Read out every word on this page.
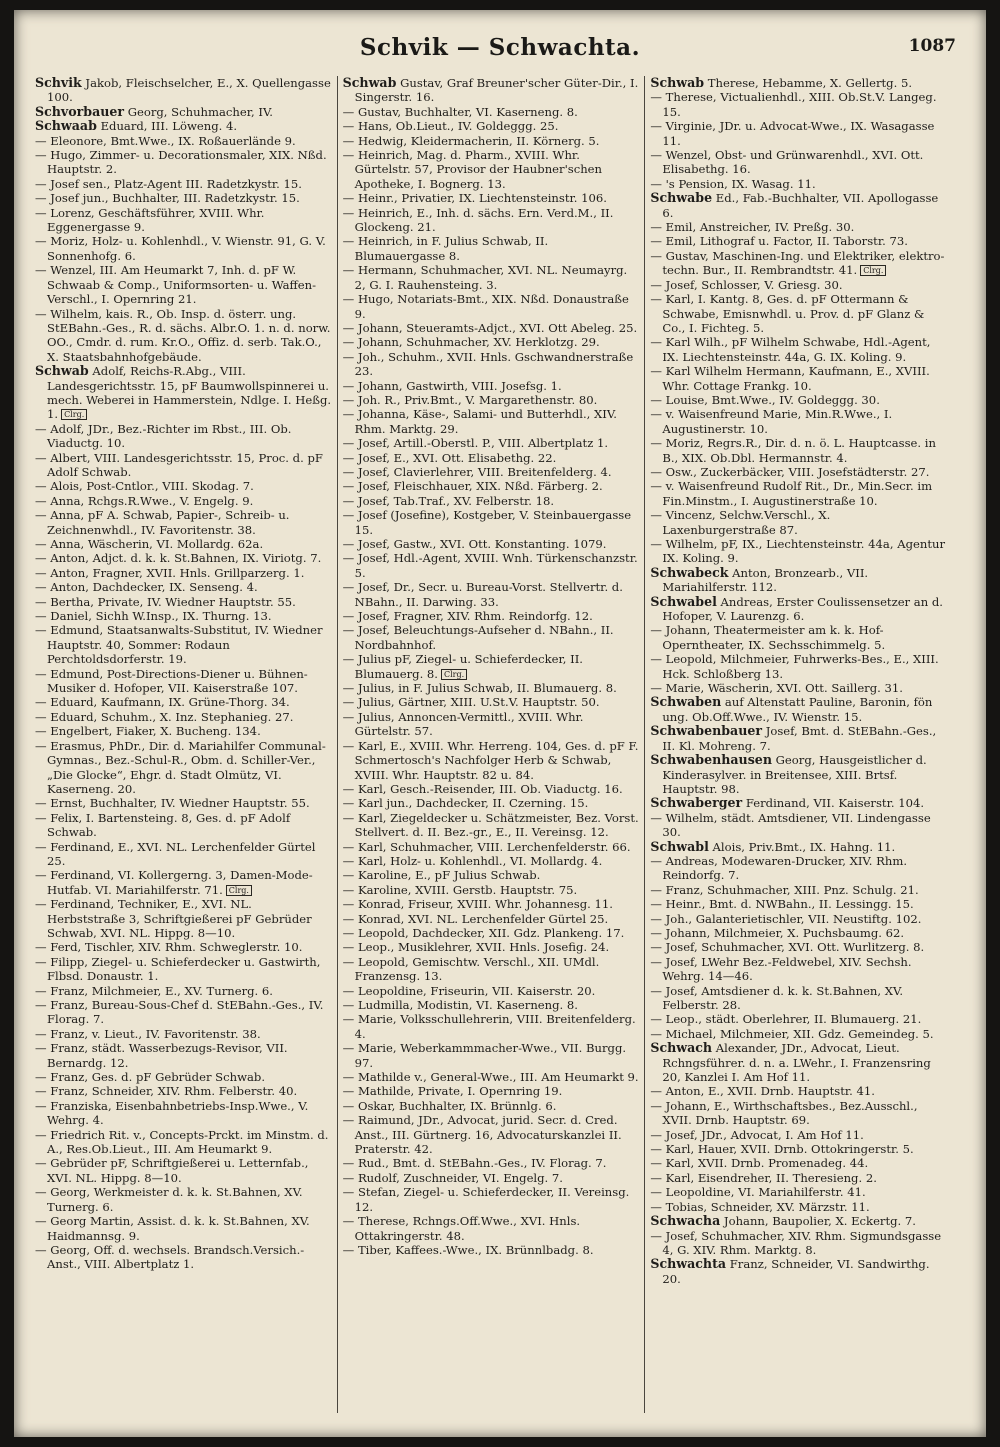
Schvik — Schwachta.	1087

Schvik Jakob, Fleischselcher, E., X. Quellengasse 100.

Schvorbauer Georg, Schuhmacher, IV.

Schwaab Eduard, III. Löweng. 4.

— Eleonore, Bmt.Wwe., IX. Roßauerlände 9.

— Hugo, Zimmer- u. Decorationsmaler, XIX. Nßd. Hauptstr. 2.

— Josef sen., Platz-Agent III. Radetzkystr. 15.

— Josef jun., Buchhalter, III. Radetzkystr. 15.

— Lorenz, Geschäftsführer, XVIII. Whr. Eggenergasse 9.

— Moriz, Holz- u. Kohlenhdl., V. Wienstr. 91, G. V. Sonnenhofg. 6.

— Wenzel, III. Am Heumarkt 7, Inh. d. pF W. Schwaab & Comp., Uniformsorten- u. Waffen-Verschl., I. Opernring 21.

— Wilhelm, kais. R., Ob. Insp. d. österr. ung. StEBahn.-Ges., R. d. sächs. Albr.O. 1. n. d. norw. OO., Cmdr. d. rum. Kr.O., Offiz. d. serb. Tak.O., X. Staatsbahnhofgebäude.

Schwab Adolf, Reichs-R.Abg., VIII. Landesgerichtsstr. 15, pF Baumwollspinnerei u. mech. Weberei in Hammerstein, Ndlge. I. Heßg. 1. Clrg.

— Adolf, JDr., Bez.-Richter im Rbst., III. Ob. Viaductg. 10.

— Albert, VIII. Landesgerichtsstr. 15, Proc. d. pF Adolf Schwab.

— Alois, Post-Cntlor., VIII. Skodag. 7.

— Anna, Rchgs.R.Wwe., V. Engelg. 9.

— Anna, pF A. Schwab, Papier-, Schreib- u. Zeichnenwhdl., IV. Favoritenstr. 38.

— Anna, Wäscherin, VI. Mollardg. 62a.

— Anton, Adjct. d. k. k. St.Bahnen, IX. Viriotg. 7.

— Anton, Fragner, XVII. Hnls. Grillparzerg. 1.

— Anton, Dachdecker, IX. Senseng. 4.

— Bertha, Private, IV. Wiedner Hauptstr. 55.

— Daniel, Sichh W.Insp., IX. Thurng. 13.

— Edmund, Staatsanwalts-Substitut, IV. Wiedner Hauptstr. 40, Sommer: Rodaun Perchtoldsdorferstr. 19.

— Edmund, Post-Directions-Diener u. Bühnen-Musiker d. Hofoper, VII. Kaiserstraße 107.

— Eduard, Kaufmann, IX. Grüne-Thorg. 34.

— Eduard, Schuhm., X. Inz. Stephanieg. 27.

— Engelbert, Fiaker, X. Bucheng. 134.

— Erasmus, PhDr., Dir. d. Mariahilfer Communal-Gymnas., Bez.-Schul-R., Obm. d. Schiller-Ver., „Die Glocke“, Ehgr. d. Stadt Olmütz, VI. Kaserneng. 20.

— Ernst, Buchhalter, IV. Wiedner Hauptstr. 55.

— Felix, I. Bartensteing. 8, Ges. d. pF Adolf Schwab.

— Ferdinand, E., XVI. NL. Lerchenfelder Gürtel 25.

— Ferdinand, VI. Kollergerng. 3, Damen-Mode-Hutfab. VI. Mariahilferstr. 71. Clrg.

— Ferdinand, Techniker, E., XVI. NL. Herbststraße 3, Schriftgießerei pF Gebrüder Schwab, XVI. NL. Hippg. 8—10.

— Ferd, Tischler, XIV. Rhm. Schweglerstr. 10.

— Filipp, Ziegel- u. Schieferdecker u. Gastwirth, Flbsd. Donaustr. 1.

— Franz, Milchmeier, E., XV. Turnerg. 6.

— Franz, Bureau-Sous-Chef d. StEBahn.-Ges., IV. Florag. 7.

— Franz, v. Lieut., IV. Favoritenstr. 38.

— Franz, städt. Wasserbezugs-Revisor, VII. Bernardg. 12.

— Franz, Ges. d. pF Gebrüder Schwab.

— Franz, Schneider, XIV. Rhm. Felberstr. 40.

— Franziska, Eisenbahnbetriebs-Insp.Wwe., V. Wehrg. 4.

— Friedrich Rit. v., Concepts-Prckt. im Minstm. d. A., Res.Ob.Lieut., III. Am Heumarkt 9.

— Gebrüder pF, Schriftgießerei u. Letternfab., XVI. NL. Hippg. 8—10.

— Georg, Werkmeister d. k. k. St.Bahnen, XV. Turnerg. 6.

— Georg Martin, Assist. d. k. k. St.Bahnen, XV. Haidmannsg. 9.

— Georg, Off. d. wechsels. Brandsch.Versich.-Anst., VIII. Albertplatz 1.

Schwab Gustav, Graf Breuner'scher Güter-Dir., I. Singerstr. 16.

— Gustav, Buchhalter, VI. Kaserneng. 8.

— Hans, Ob.Lieut., IV. Goldeggg. 25.

— Hedwig, Kleidermacherin, II. Körnerg. 5.

— Heinrich, Mag. d. Pharm., XVIII. Whr. Gürtelstr. 57, Provisor der Haubner'schen Apotheke, I. Bognerg. 13.

— Heinr., Privatier, IX. Liechtensteinstr. 106.

— Heinrich, E., Inh. d. sächs. Ern. Verd.M., II. Glockeng. 21.

— Heinrich, in F. Julius Schwab, II. Blumauergasse 8.

— Hermann, Schuhmacher, XVI. NL. Neumayrg. 2, G. I. Rauhensteing. 3.

— Hugo, Notariats-Bmt., XIX. Nßd. Donaustraße 9.

— Johann, Steueramts-Adjct., XVI. Ott Abeleg. 25.

— Johann, Schuhmacher, XV. Herklotzg. 29.

— Joh., Schuhm., XVII. Hnls. Gschwandnerstraße 23.

— Johann, Gastwirth, VIII. Josefsg. 1.

— Joh. R., Priv.Bmt., V. Margarethenstr. 80.

— Johanna, Käse-, Salami- und Butterhdl., XIV. Rhm. Marktg. 29.

— Josef, Artill.-Oberstl. P., VIII. Albertplatz 1.

— Josef, E., XVI. Ott. Elisabethg. 22.

— Josef, Clavierlehrer, VIII. Breitenfelderg. 4.

— Josef, Fleischhauer, XIX. Nßd. Färberg. 2.

— Josef, Tab.Traf., XV. Felberstr. 18.

— Josef (Josefine), Kostgeber, V. Steinbauergasse 15.

— Josef, Gastw., XVI. Ott. Konstanting. 1079.

— Josef, Hdl.-Agent, XVIII. Wnh. Türkenschanzstr. 5.

— Josef, Dr., Secr. u. Bureau-Vorst. Stellvertr. d. NBahn., II. Darwing. 33.

— Josef, Fragner, XIV. Rhm. Reindorfg. 12.

— Josef, Beleuchtungs-Aufseher d. NBahn., II. Nordbahnhof.

— Julius pF, Ziegel- u. Schieferdecker, II. Blumauerg. 8. Clrg.

— Julius, in F. Julius Schwab, II. Blumauerg. 8.

— Julius, Gärtner, XIII. U.St.V. Hauptstr. 50.

— Julius, Annoncen-Vermittl., XVIII. Whr. Gürtelstr. 57.

— Karl, E., XVIII. Whr. Herreng. 104, Ges. d. pF F. Schmertosch's Nachfolger Herb & Schwab, XVIII. Whr. Hauptstr. 82 u. 84.

— Karl, Gesch.-Reisender, III. Ob. Viaductg. 16.

— Karl jun., Dachdecker, II. Czerning. 15.

— Karl, Ziegeldecker u. Schätzmeister, Bez. Vorst. Stellvert. d. II. Bez.-gr., E., II. Vereinsg. 12.

— Karl, Schuhmacher, VIII. Lerchenfelderstr. 66.

— Karl, Holz- u. Kohlenhdl., VI. Mollardg. 4.

— Karoline, E., pF Julius Schwab.

— Karoline, XVIII. Gerstb. Hauptstr. 75.

— Konrad, Friseur, XVIII. Whr. Johannesg. 11.

— Konrad, XVI. NL. Lerchenfelder Gürtel 25.

— Leopold, Dachdecker, XII. Gdz. Plankeng. 17.

— Leop., Musiklehrer, XVII. Hnls. Josefig. 24.

— Leopold, Gemischtw. Verschl., XII. UMdl. Franzensg. 13.

— Leopoldine, Friseurin, VII. Kaiserstr. 20.

— Ludmilla, Modistin, VI. Kaserneng. 8.

— Marie, Volksschullehrerin, VIII. Breitenfelderg. 4.

— Marie, Weberkammmacher-Wwe., VII. Burgg. 97.

— Mathilde v., General-Wwe., III. Am Heumarkt 9.

— Mathilde, Private, I. Opernring 19.

— Oskar, Buchhalter, IX. Brünnlg. 6.

— Raimund, JDr., Advocat, jurid. Secr. d. Cred. Anst., III. Gürtnerg. 16, Advocaturskanzlei II. Praterstr. 42.

— Rud., Bmt. d. StEBahn.-Ges., IV. Florag. 7.

— Rudolf, Zuschneider, VI. Engelg. 7.

— Stefan, Ziegel- u. Schieferdecker, II. Vereinsg. 12.

— Therese, Rchngs.Off.Wwe., XVI. Hnls. Ottakringerstr. 48.

— Tiber, Kaffees.-Wwe., IX. Brünnlbadg. 8.

Schwab Therese, Hebamme, X. Gellertg. 5.

— Therese, Victualienhdl., XIII. Ob.St.V. Langeg. 15.

— Virginie, JDr. u. Advocat-Wwe., IX. Wasagasse 11.

— Wenzel, Obst- und Grünwarenhdl., XVI. Ott. Elisabethg. 16.

— 's Pension, IX. Wasag. 11.

Schwabe Ed., Fab.-Buchhalter, VII. Apollogasse 6.

— Emil, Anstreicher, IV. Preßg. 30.

— Emil, Lithograf u. Factor, II. Taborstr. 73.

— Gustav, Maschinen-Ing. und Elektriker, elektro-techn. Bur., II. Rembrandtstr. 41. Clrg.

— Josef, Schlosser, V. Griesg. 30.

— Karl, I. Kantg. 8, Ges. d. pF Ottermann & Schwabe, Emisnwhdl. u. Prov. d. pF Glanz & Co., I. Fichteg. 5.

— Karl Wilh., pF Wilhelm Schwabe, Hdl.-Agent, IX. Liechtensteinstr. 44a, G. IX. Koling. 9.

— Karl Wilhelm Hermann, Kaufmann, E., XVIII. Whr. Cottage Frankg. 10.

— Louise, Bmt.Wwe., IV. Goldeggg. 30.

— v. Waisenfreund Marie, Min.R.Wwe., I. Augustinerstr. 10.

— Moriz, Regrs.R., Dir. d. n. ö. L. Hauptcasse. in B., XIX. Ob.Dbl. Hermannstr. 4.

— Osw., Zuckerbäcker, VIII. Josefstädterstr. 27.

— v. Waisenfreund Rudolf Rit., Dr., Min.Secr. im Fin.Minstm., I. Augustinerstraße 10.

— Vincenz, Selchw.Verschl., X. Laxenburgerstraße 87.

— Wilhelm, pF, IX., Liechtensteinstr. 44a, Agentur IX. Koling. 9.

Schwabeck Anton, Bronzearb., VII. Mariahilferstr. 112.

Schwabel Andreas, Erster Coulissensetzer an d. Hofoper, V. Laurenzg. 6.

— Johann, Theatermeister am k. k. Hof-Operntheater, IX. Sechsschimmelg. 5.

— Leopold, Milchmeier, Fuhrwerks-Bes., E., XIII. Hck. Schloßberg 13.

— Marie, Wäscherin, XVI. Ott. Saillerg. 31.

Schwaben auf Altenstatt Pauline, Baronin, fön ung. Ob.Off.Wwe., IV. Wienstr. 15.

Schwabenbauer Josef, Bmt. d. StEBahn.-Ges., II. Kl. Mohreng. 7.

Schwabenhausen Georg, Hausgeistlicher d. Kinderasylver. in Breitensee, XIII. Brtsf. Hauptstr. 98.

Schwaberger Ferdinand, VII. Kaiserstr. 104.

— Wilhelm, städt. Amtsdiener, VII. Lindengasse 30.

Schwabl Alois, Priv.Bmt., IX. Hahng. 11.

— Andreas, Modewaren-Drucker, XIV. Rhm. Reindorfg. 7.

— Franz, Schuhmacher, XIII. Pnz. Schulg. 21.

— Heinr., Bmt. d. NWBahn., II. Lessingg. 15.

— Joh., Galanterietischler, VII. Neustiftg. 102.

— Johann, Milchmeier, X. Puchsbaumg. 62.

— Josef, Schuhmacher, XVI. Ott. Wurlitzerg. 8.

— Josef, LWehr Bez.-Feldwebel, XIV. Sechsh. Wehrg. 14—46.

— Josef, Amtsdiener d. k. k. St.Bahnen, XV. Felberstr. 28.

— Leop., städt. Oberlehrer, II. Blumauerg. 21.

— Michael, Milchmeier, XII. Gdz. Gemeindeg. 5.

Schwach Alexander, JDr., Advocat, Lieut. Rchngsführer. d. n. a. LWehr., I. Franzensring 20, Kanzlei I. Am Hof 11.

— Anton, E., XVII. Drnb. Hauptstr. 41.

— Johann, E., Wirthschaftsbes., Bez.Ausschl., XVII. Drnb. Hauptstr. 69.

— Josef, JDr., Advocat, I. Am Hof 11.

— Karl, Hauer, XVII. Drnb. Ottokringerstr. 5.

— Karl, XVII. Drnb. Promenadeg. 44.

— Karl, Eisendreher, II. Theresieng. 2.

— Leopoldine, VI. Mariahilferstr. 41.

— Tobias, Schneider, XV. Märzstr. 11.

Schwacha Johann, Baupolier, X. Eckertg. 7.

— Josef, Schuhmacher, XIV. Rhm. Sigmundsgasse 4, G. XIV. Rhm. Marktg. 8.

Schwachta Franz, Schneider, VI. Sandwirthg. 20.
